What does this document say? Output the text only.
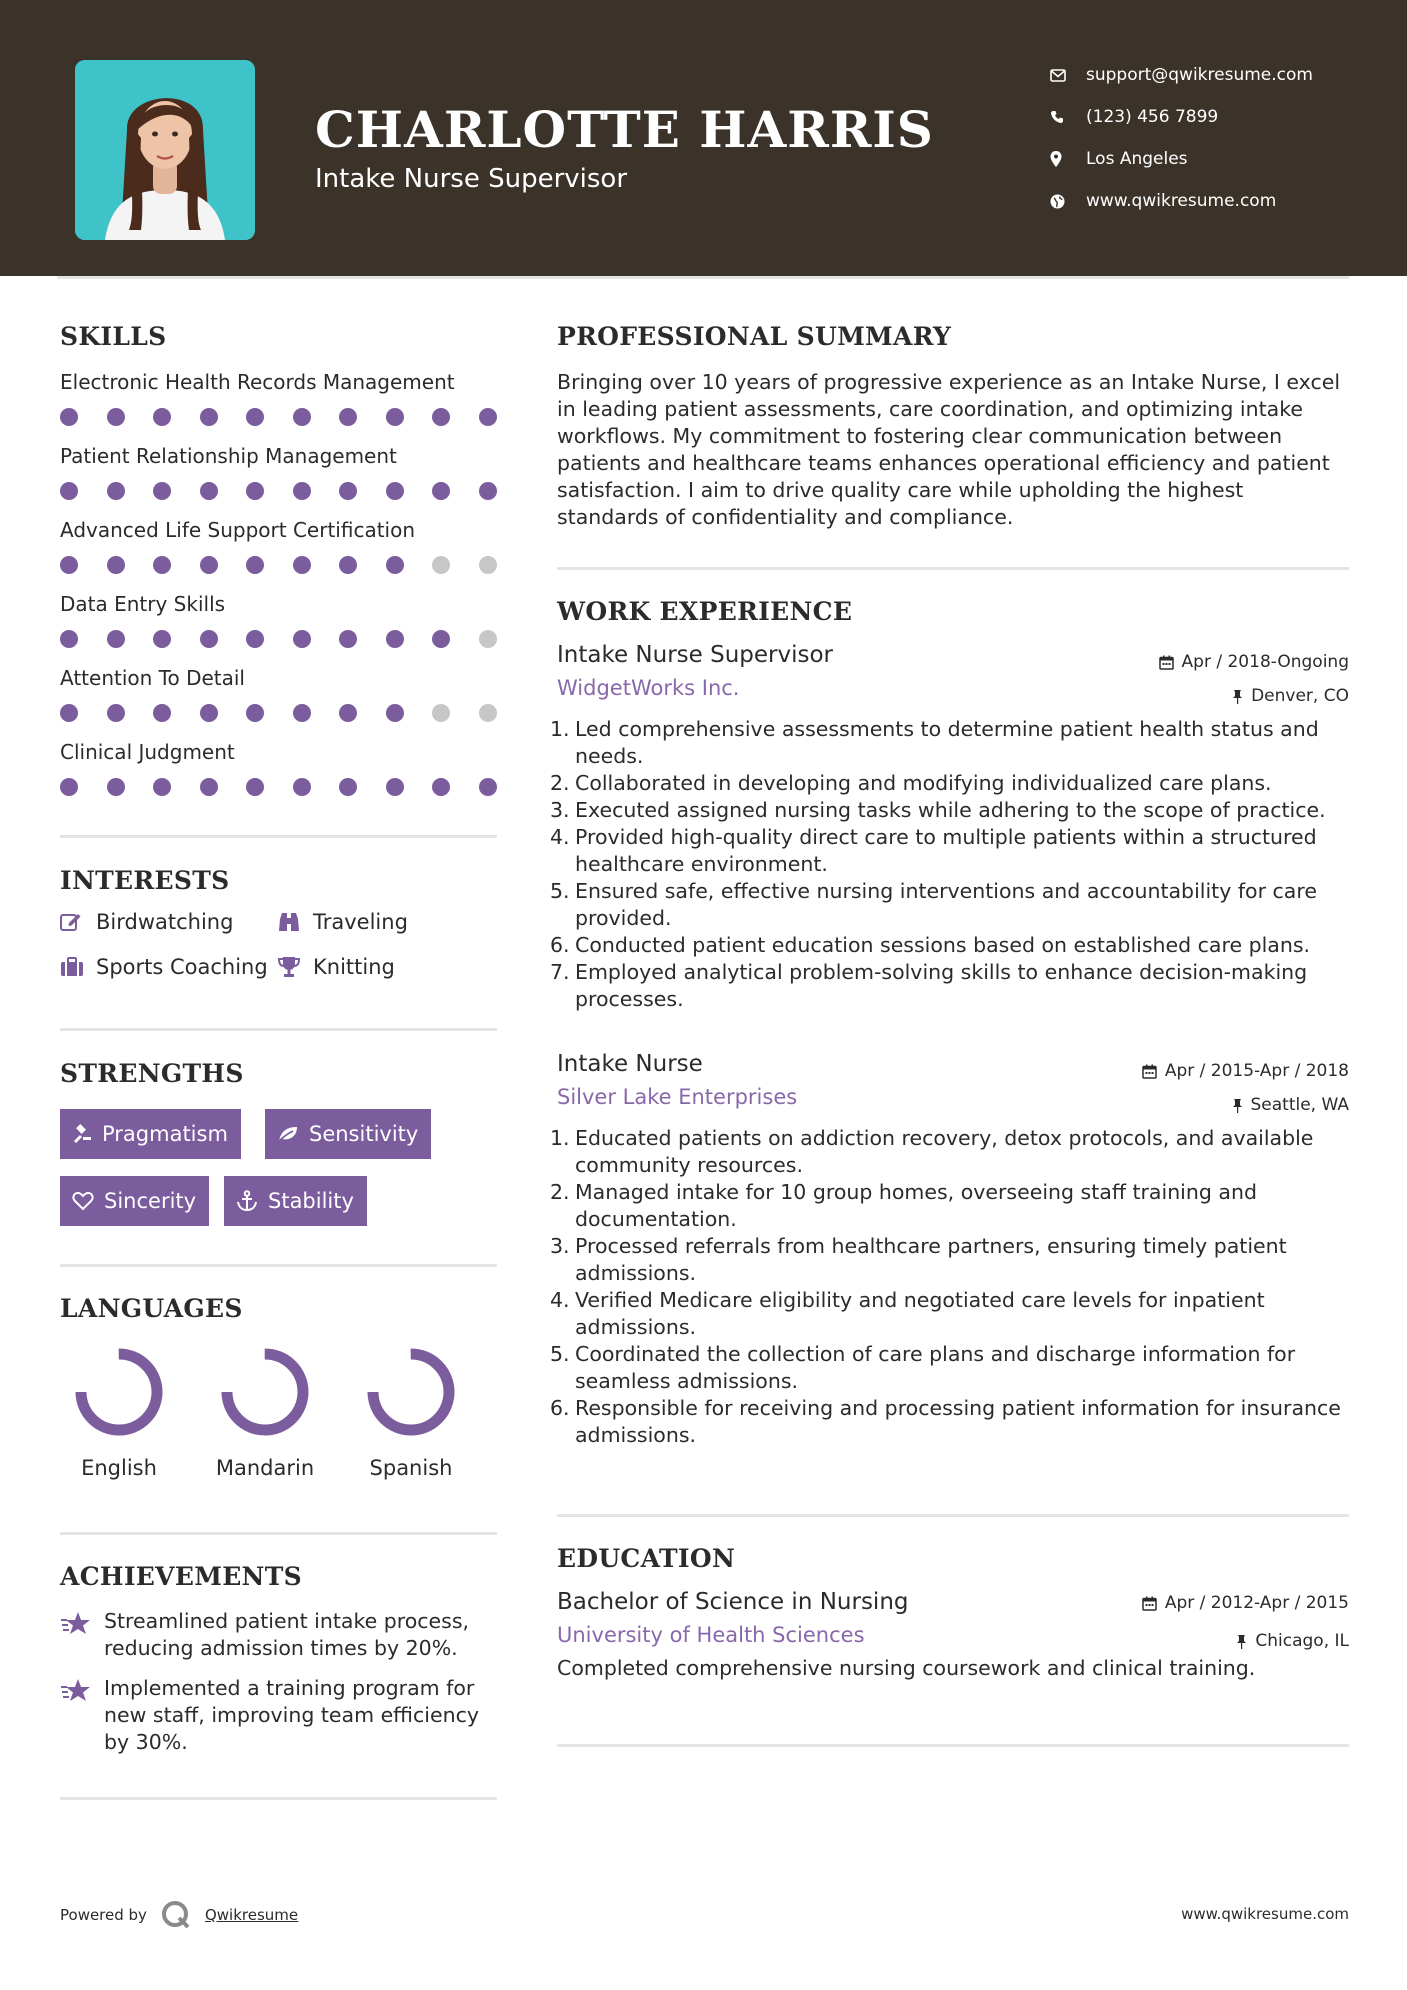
CHARLOTTE HARRIS
Intake Nurse Supervisor
support@qwikresume.com
(123) 456 7899
Los Angeles
www.qwikresume.com
SKILLS
Electronic Health Records Management
Patient Relationship Management
Advanced Life Support Certification
Data Entry Skills
Attention To Detail
Clinical Judgment
INTERESTS
Birdwatching	Traveling
Sports Coaching Knitting
STRENGTHS
Pragmatism	Sensitivity
Sincerity	Stability
LANGUAGES
English	Mandarin	Spanish
ACHIEVEMENTS
Streamlined patient intake process, reducing admission times by 20%.
Implemented a training program for new staff, improving team efficiency by 30%.
PROFESSIONAL SUMMARY
Bringing over 10 years of progressive experience as an Intake Nurse, I excel in leading patient assessments, care coordination, and optimizing intake workflows. My commitment to fostering clear communication between patients and healthcare teams enhances operational efficiency and patient satisfaction. I aim to drive quality care while upholding the highest standards of confidentiality and compliance.
WORK EXPERIENCE
Intake Nurse Supervisor	Apr / 2018-Ongoing
WidgetWorks Inc.	Denver, CO
1. Led comprehensive assessments to determine patient health status and needs.
2. Collaborated in developing and modifying individualized care plans.
3. Executed assigned nursing tasks while adhering to the scope of practice.
4. Provided high-quality direct care to multiple patients within a structured healthcare environment.
5. Ensured safe, effective nursing interventions and accountability for care provided.
6. Conducted patient education sessions based on established care plans.
7. Employed analytical problem-solving skills to enhance decision-making processes.
Intake Nurse	Apr / 2015-Apr / 2018
Silver Lake Enterprises	Seattle, WA
1. Educated patients on addiction recovery, detox protocols, and available community resources.
2. Managed intake for 10 group homes, overseeing staff training and documentation.
3. Processed referrals from healthcare partners, ensuring timely patient admissions.
4. Verified Medicare eligibility and negotiated care levels for inpatient admissions.
5. Coordinated the collection of care plans and discharge information for seamless admissions.
6. Responsible for receiving and processing patient information for insurance admissions.
EDUCATION
Bachelor of Science in Nursing	Apr / 2012-Apr / 2015
University of Health Sciences	Chicago, IL
Completed comprehensive nursing coursework and clinical training.
Powered by	Qwikresume	www.qwikresume.com
